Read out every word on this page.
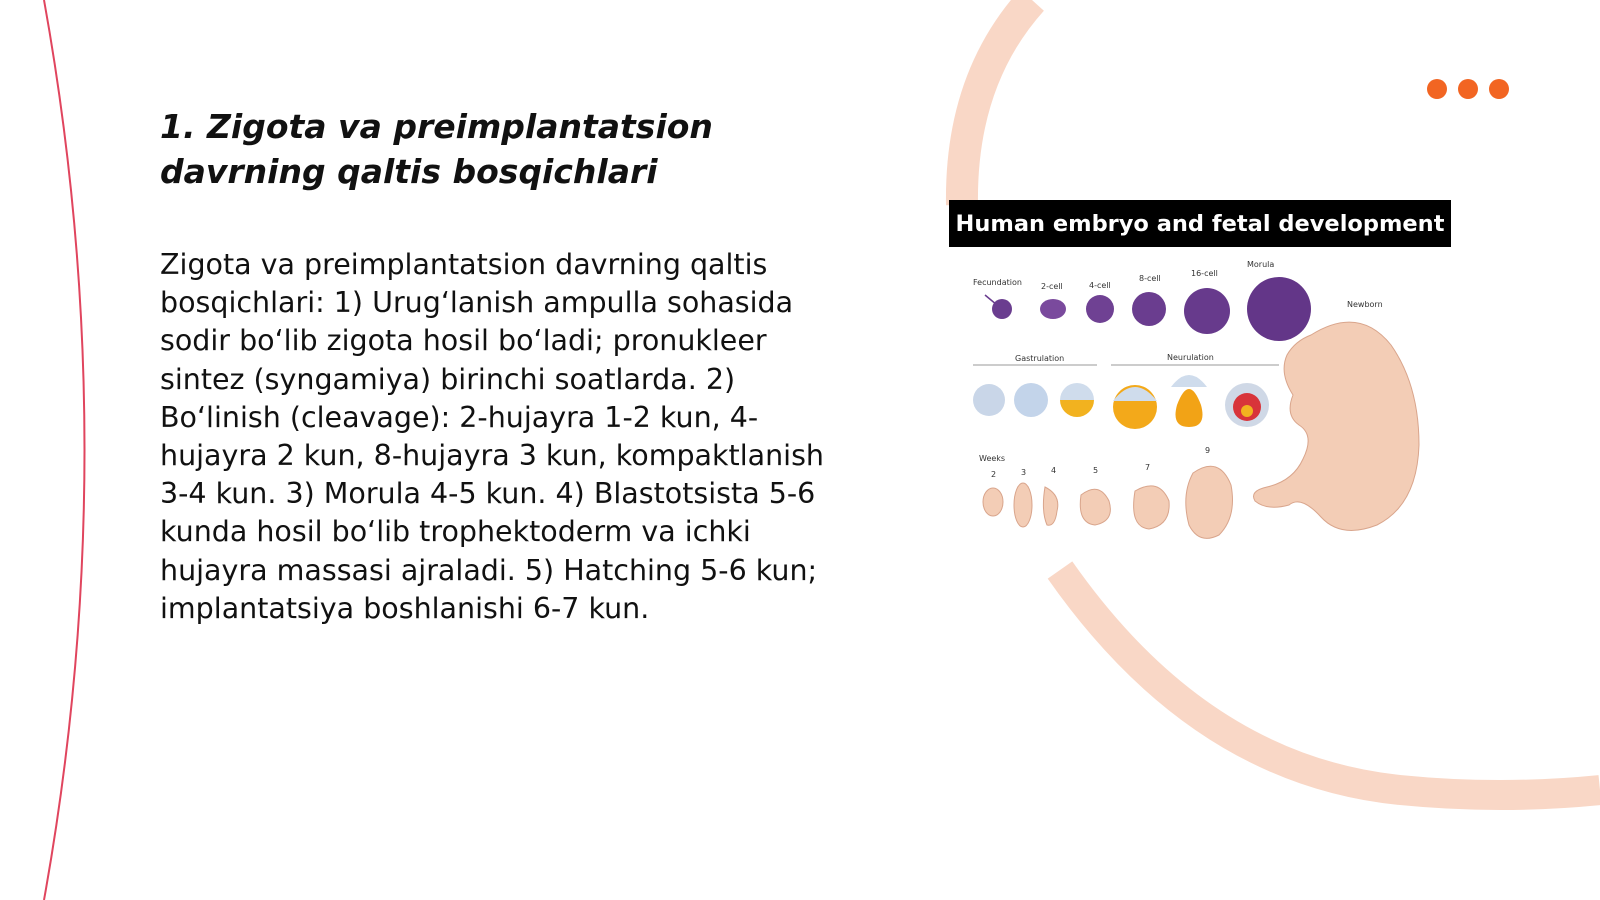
1. Zigota va preimplantatsion davrning qaltis bosqichlari

Zigota va preimplantatsion davrning qaltis bosqichlari: 1) Urug‘lanish ampulla sohasida sodir bo‘lib zigota hosil bo‘ladi; pronukleer sintez (syngamiya) birinchi soatlarda. 2) Bo‘linish (cleavage): 2-hujayra 1-2 kun, 4-hujayra 2 kun, 8-hujayra 3 kun, kompaktlanish 3-4 kun. 3) Morula 4-5 kun. 4) Blastotsista 5-6 kunda hosil bo‘lib trophektoderm va ichki hujayra massasi ajraladi. 5) Hatching 5-6 kun; implantatsiya boshlanishi 6-7 kun.

Human embryo and fetal development
Fecundation 2-cell	4-cell
8-cell
16-cell
Morula
Newborn
Gastrulation	Neurulation
Weeks
2	3	4	5	7
9
